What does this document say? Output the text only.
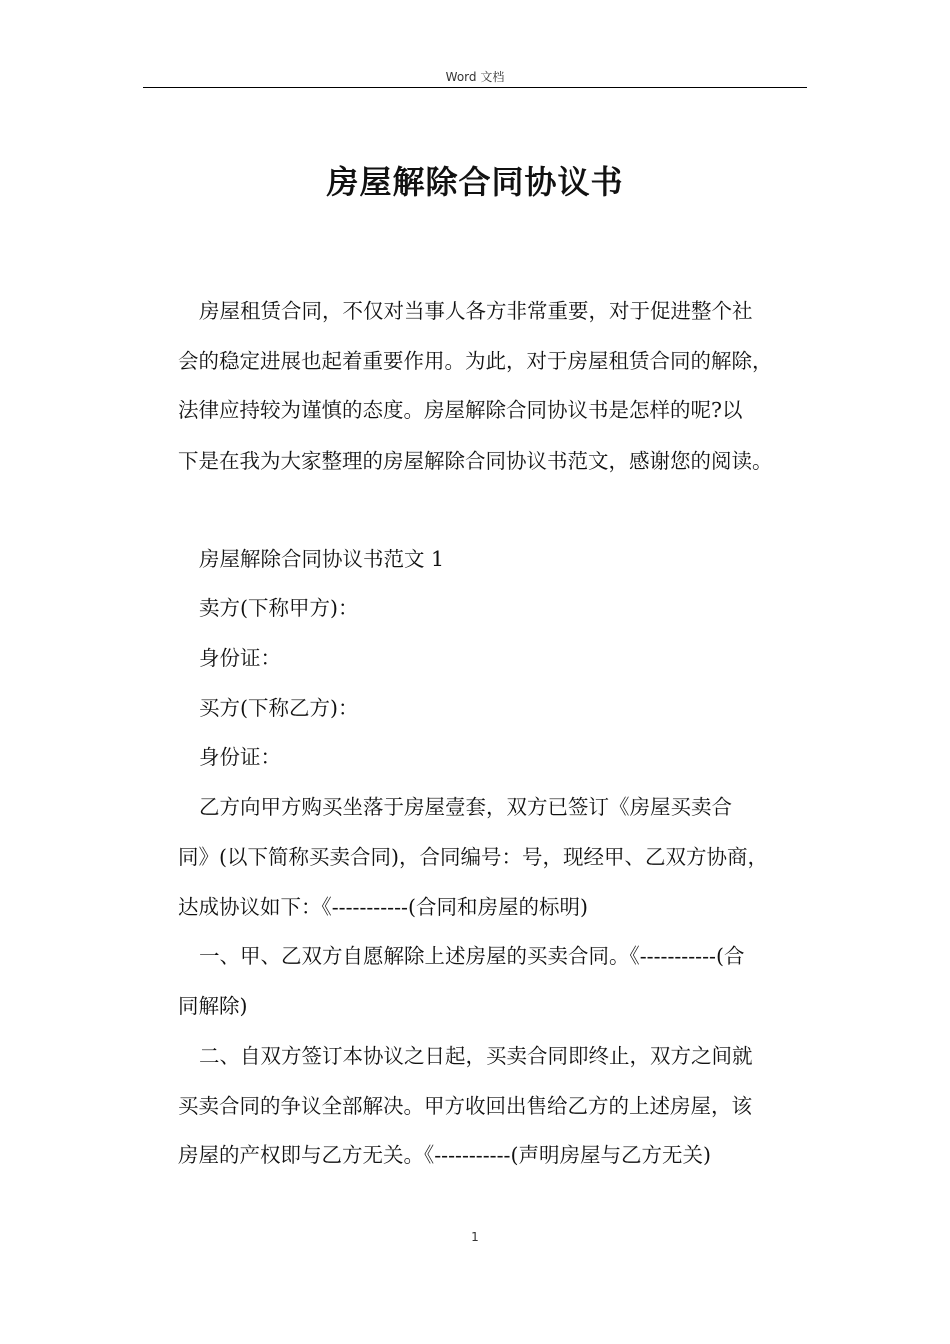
Word 文档
房屋解除合同协议书
房屋租赁合同，不仅对当事人各方非常重要，对于促进整个社
会的稳定进展也起着重要作用。为此，对于房屋租赁合同的解除，
法律应持较为谨慎的态度。房屋解除合同协议书是怎样的呢?以
下是在我为大家整理的房屋解除合同协议书范文，感谢您的阅读。
房屋解除合同协议书范文 1
卖方(下称甲方)：
身份证：
买方(下称乙方)：
身份证：
乙方向甲方购买坐落于房屋壹套，双方已签订《房屋买卖合
同》(以下简称买卖合同)，合同编号：号，现经甲、乙双方协商，
达成协议如下：《-----------(合同和房屋的标明)
一、甲、乙双方自愿解除上述房屋的买卖合同。《-----------(合
同解除)
二、自双方签订本协议之日起，买卖合同即终止，双方之间就
买卖合同的争议全部解决。甲方收回出售给乙方的上述房屋，该
房屋的产权即与乙方无关。《-----------(声明房屋与乙方无关)
1
